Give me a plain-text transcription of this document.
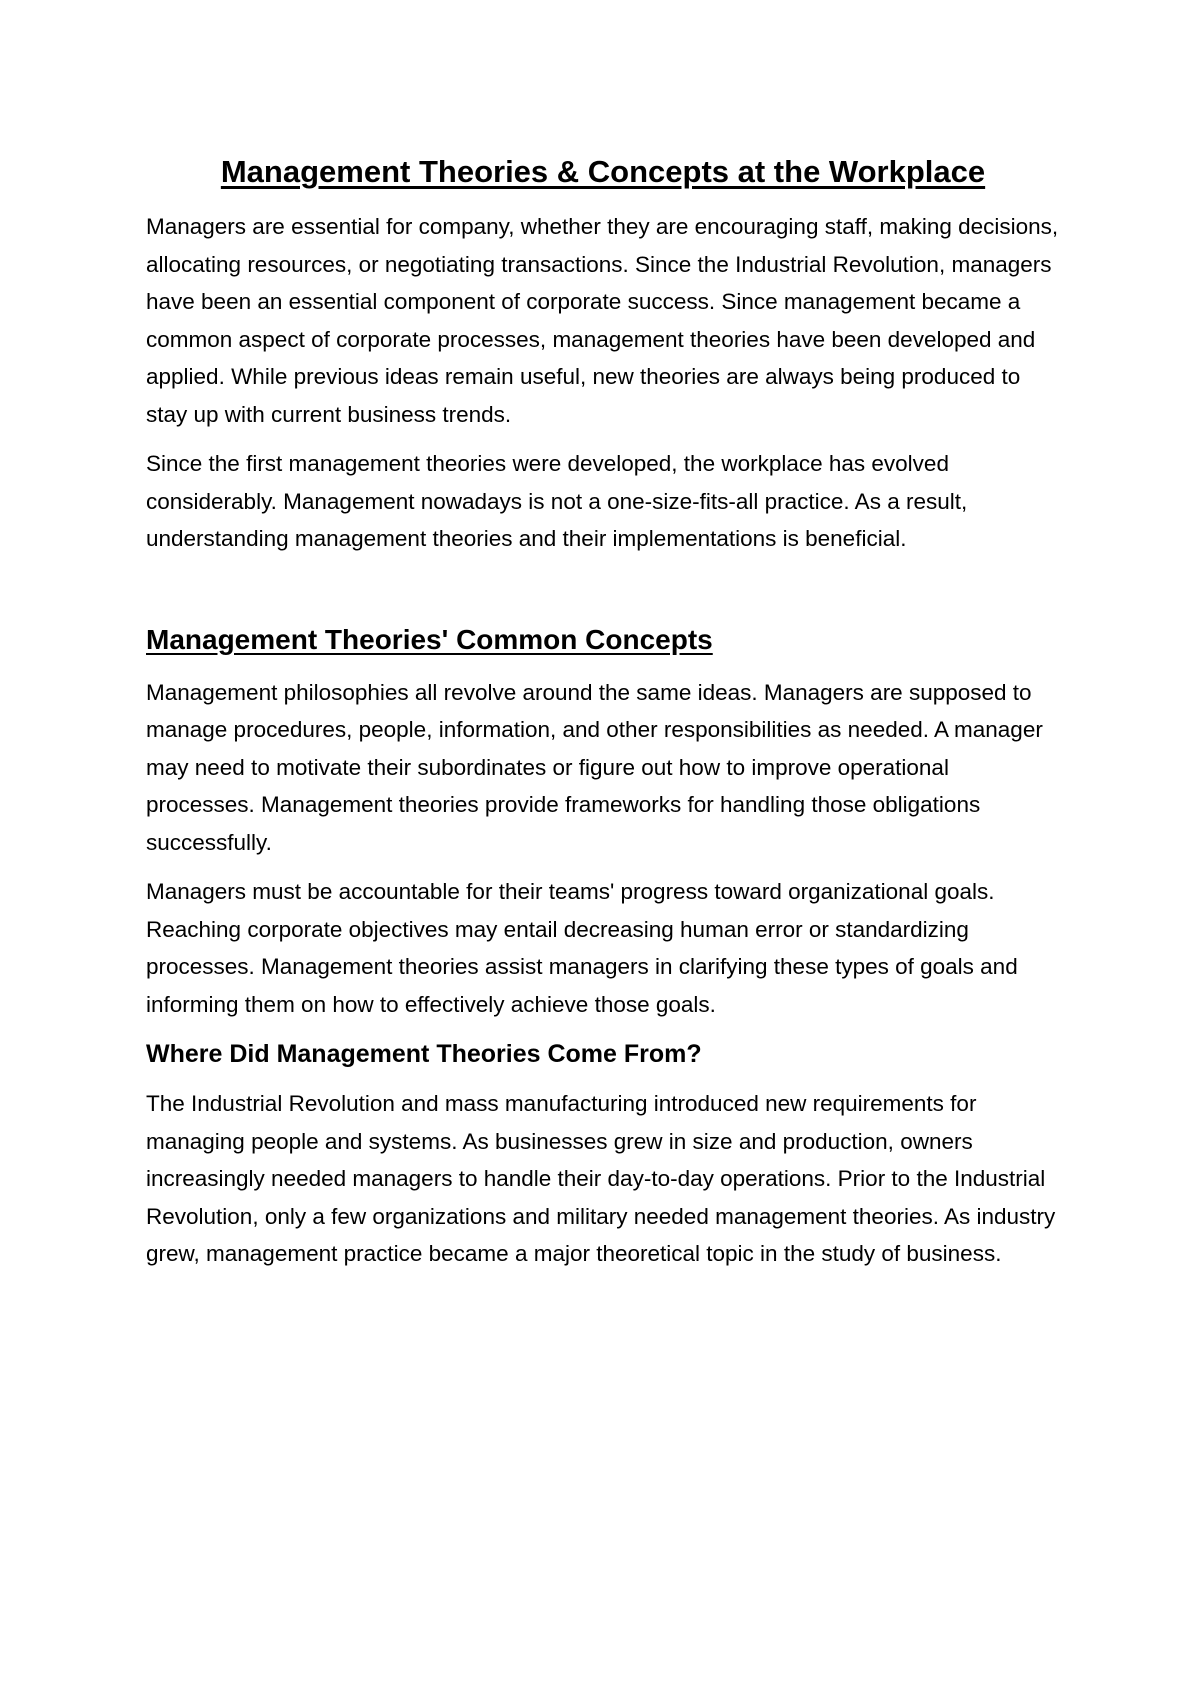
Management Theories & Concepts at the Workplace

Managers are essential for company, whether they are encouraging staff, making decisions, allocating resources, or negotiating transactions. Since the Industrial Revolution, managers have been an essential component of corporate success. Since management became a common aspect of corporate processes, management theories have been developed and applied. While previous ideas remain useful, new theories are always being produced to stay up with current business trends.

Since the first management theories were developed, the workplace has evolved considerably. Management nowadays is not a one-size-fits-all practice. As a result, understanding management theories and their implementations is beneficial.

Management Theories' Common Concepts

Management philosophies all revolve around the same ideas. Managers are supposed to manage procedures, people, information, and other responsibilities as needed. A manager may need to motivate their subordinates or figure out how to improve operational processes. Management theories provide frameworks for handling those obligations successfully.

Managers must be accountable for their teams' progress toward organizational goals. Reaching corporate objectives may entail decreasing human error or standardizing processes. Management theories assist managers in clarifying these types of goals and informing them on how to effectively achieve those goals.

Where Did Management Theories Come From?

The Industrial Revolution and mass manufacturing introduced new requirements for managing people and systems. As businesses grew in size and production, owners increasingly needed managers to handle their day-to-day operations. Prior to the Industrial Revolution, only a few organizations and military needed management theories. As industry grew, management practice became a major theoretical topic in the study of business.
